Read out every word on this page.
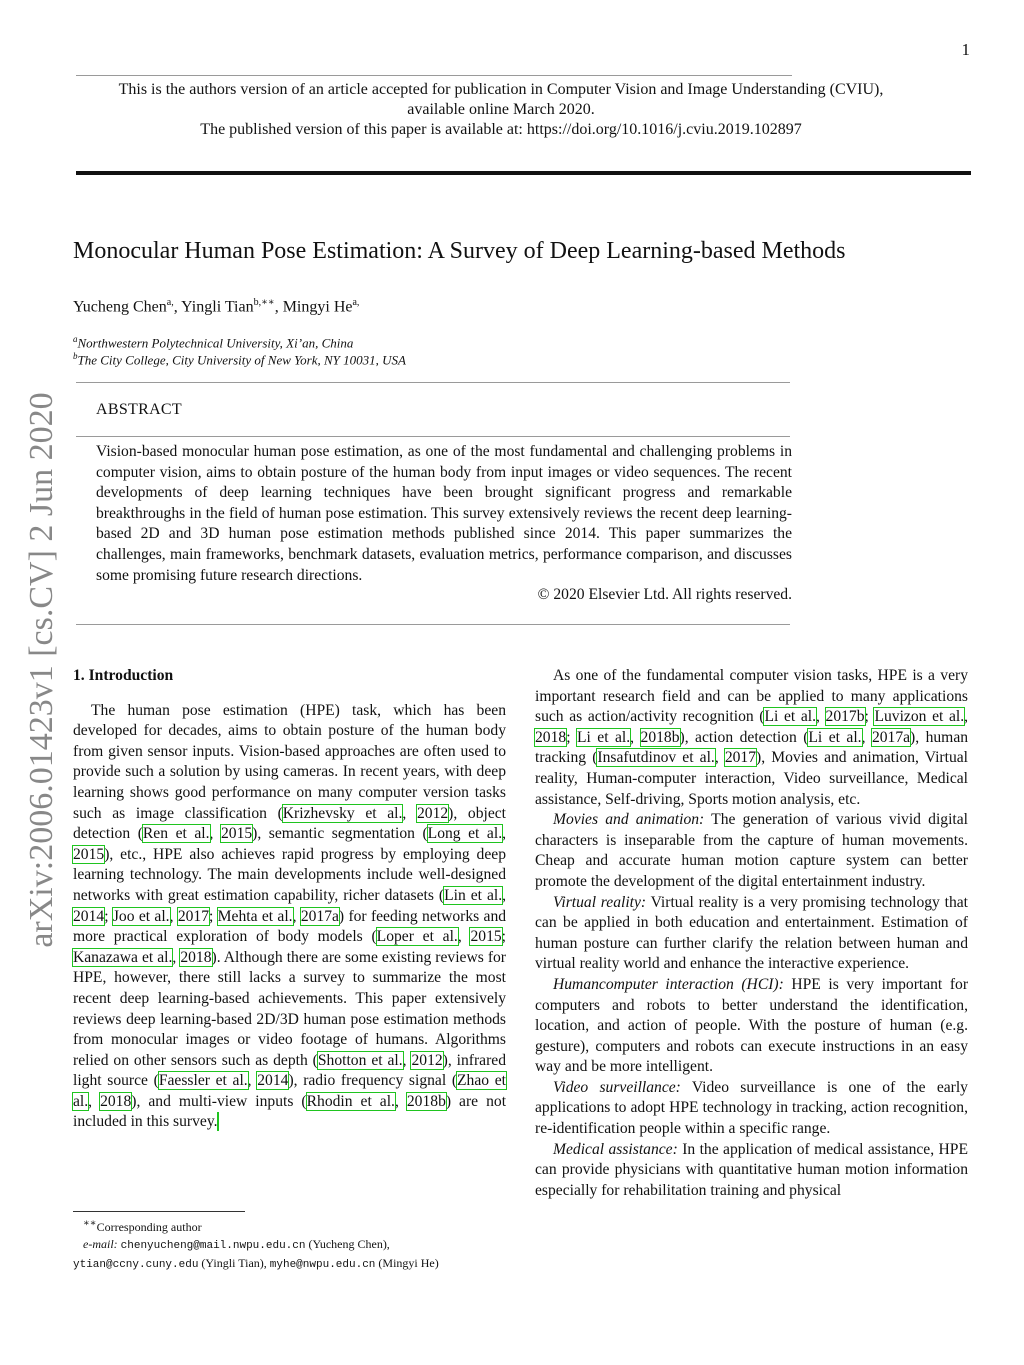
1
This is the authors version of an article accepted for publication in Computer Vision and Image Understanding (CVIU),
available online March 2020.
The published version of this paper is available at: https://doi.org/10.1016/j.cviu.2019.102897
Monocular Human Pose Estimation: A Survey of Deep Learning-based Methods
Yucheng Chen$^{a,}$, Yingli Tian$^{b,∗∗}$, Mingyi $He^{a,}$
$^a$Northwestern Polytechnical University, Xi’an, China
$^b$The City College, City University of New York, NY 10031, USA
ABSTRACT
Vision-based monocular human pose estimation, as one of the most fundamental and challenging problems in computer vision, aims to obtain posture of the human body from input images or video sequences. The recent developments of deep learning techniques have been brought significant progress and remarkable breakthroughs in the field of human pose estimation. This survey extensively reviews the recent deep learning-based 2D and 3D human pose estimation methods published since 2014. This paper summarizes the challenges, main frameworks, benchmark datasets, evaluation metrics, performance comparison, and discusses some promising future research directions.
© 2020 Elsevier Ltd. All rights reserved.
arXiv:2006.01423v1 [cs.CV] 2 Jun 2020 1. Introduction

The human pose estimation (HPE) task, which has been developed for decades, aims to obtain posture of the human body from given sensor inputs. Vision-based approaches are often used to provide such a solution by using cameras. In recent years, with deep learning shows good performance on many computer version tasks such as image classification (Krizhevsky et al., 2012), object detection (Ren et al., 2015), semantic segmentation (Long et al., 2015), etc., HPE also achieves rapid progress by employing deep learning technology. The main developments include well-designed networks with great estimation capability, richer datasets (Lin et al., 2014; Joo et al., 2017; Mehta et al., 2017a) for feeding networks and more practical exploration of body models (Loper et al., 2015; Kanazawa et al., 2018). Although there are some existing reviews for HPE, however, there still lacks a survey to summarize the most recent deep learning-based achievements. This paper extensively reviews deep learning-based 2D/3D human pose estimation methods from monocular images or video footage of humans. Algorithms relied on other sensors such as depth (Shotton et al., 2012), infrared light source (Faessler et al., 2014), radio frequency signal (Zhao et al., 2018), and multi-view inputs (Rhodin et al., 2018b) are not included in this survey.

As one of the fundamental computer vision tasks, HPE is a very important research field and can be applied to many applications such as action/activity recognition (Li et al., 2017b; Luvizon et al., 2018; Li et al., 2018b), action detection (Li et al., 2017a), human tracking (Insafutdinov et al., 2017), Movies and animation, Virtual reality, Human-computer interaction, Video surveillance, Medical assistance, Self-driving, Sports motion analysis, etc.

Movies and animation: The generation of various vivid digital characters is inseparable from the capture of human movements. Cheap and accurate human motion capture system can better promote the development of the digital entertainment industry.

Virtual reality: Virtual reality is a very promising technology that can be applied in both education and entertainment. Estimation of human posture can further clarify the relation between human and virtual reality world and enhance the interactive experience.

Humancomputer interaction (HCI): HPE is very important for computers and robots to better understand the identification, location, and action of people. With the posture of human (e.g. gesture), computers and robots can execute instructions in an easy way and be more intelligent.

Video surveillance: Video surveillance is one of the early applications to adopt HPE technology in tracking, action recognition, re-identification people within a specific range.

Medical assistance: In the application of medical assistance, HPE can provide physicians with quantitative human motion information especially for rehabilitation training and physical

∗∗Corresponding author
e-mail: chenyucheng@mail.nwpu.edu.cn (Yucheng Chen),
ytian@ccny.cuny.edu (Yingli Tian), myhe@nwpu.edu.cn (Mingyi He)
